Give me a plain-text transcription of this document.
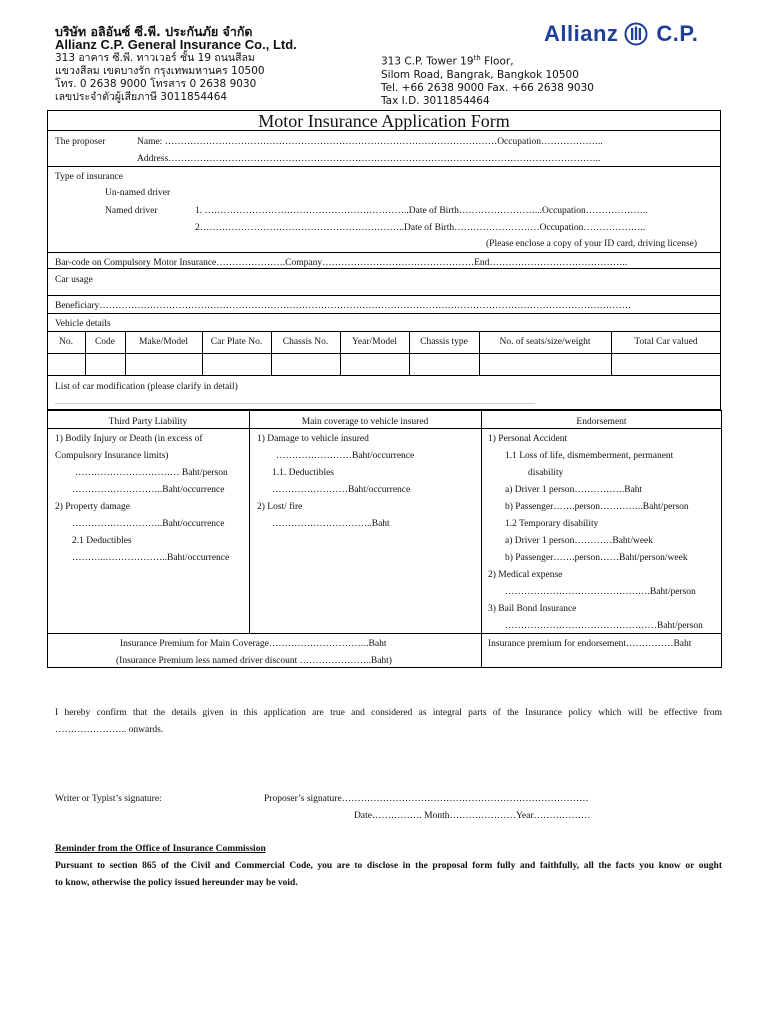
บริษัท อลิอันซ์ ซี.พี. ประกันภัย จำกัด
Allianz C.P. General Insurance Co., Ltd.
313 อาคาร ซี.พี. ทาวเวอร์ ชั้น 19 ถนนสีลม
แขวงสีลม เขตบางรัก กรุงเทพมหานคร 10500
โทร. 0 2638 9000 โทรสาร 0 2638 9030
เลขประจำตัวผู้เสียภาษี 3011854464
313 C.P. Tower 19th Floor,
Silom Road, Bangrak, Bangkok 10500
Tel. +66 2638 9000 Fax. +66 2638 9030
Tax I.D. 3011854464
Allianz C.P.
Motor Insurance Application Form
The proposer	Name: ……………………………………………………………………………………………Occupation………………..
Address………………………………………………………………………………………………………………………..
Type of insurance
Un-named driver
Named driver	1. ………………………………………………………..Date of Birth……………………...Occupation………………..
2………………………………………………………..Date of Birth………………………Occupation………………..
(Please enclose a copy of your ID card, driving license)
Bar-code on Compulsory Motor Insurance………………….Company…………………………………………End……………………………………..
Car usage
Beneficiary……………………………………………………………………………………………………………………………………………………
Vehicle details
No.	Code	Make/Model	Car Plate No.	Chassis No.	Year/Model	Chassis type	No. of seats/size/weight	Total Car valued
List of car modification (please clarify in detail)
……………………………………………………………………………………………………………………………………………………………………………………………………………………
Third Party Liability	Main coverage to vehicle insured	Endorsement
1) Bodily Injury or Death (in excess of
Compulsory Insurance limits)
…………………………… Baht/person
………………………..Baht/occurrence
2) Property damage
………………………..Baht/occurrence
2.1 Deductibles
………..………………..Baht/occurrence
1) Damage to vehicle insured
……………………Baht/occurrence
1.1. Deductibles
……………………Baht/occurrence
2) Lost/ fire
…………………………..Baht
1) Personal Accident
1.1 Loss of life, dismemberment, permanent
disability
a) Driver 1 person…………….Baht
b) Passenger…….person…………..Baht/person
1.2 Temporary disability
a) Driver 1 person…………Baht/week
b) Passenger…….person……Baht/person/week
2) Medical expense
……………………………………….Baht/person
3) Bail Bond Insurance
…………………………………………Baht/person
Insurance Premium for Main Coverage…………………………..Baht
(Insurance Premium less named driver discount …………………..Baht)
Insurance premium for endorsement……………Baht
I hereby confirm that the details given in this application are true and considered as integral parts of the Insurance policy which will be effective from
………………….. onwards.
Writer or Typist’s signature:	Proposer’s signature……………………………………………………………………
Date……………. Month…………………Year………………
Reminder from the Office of Insurance Commission
Pursuant to section 865 of the Civil and Commercial Code, you are to disclose in the proposal form fully and faithfully, all the facts you know or ought
to know, otherwise the policy issued hereunder may be void.
